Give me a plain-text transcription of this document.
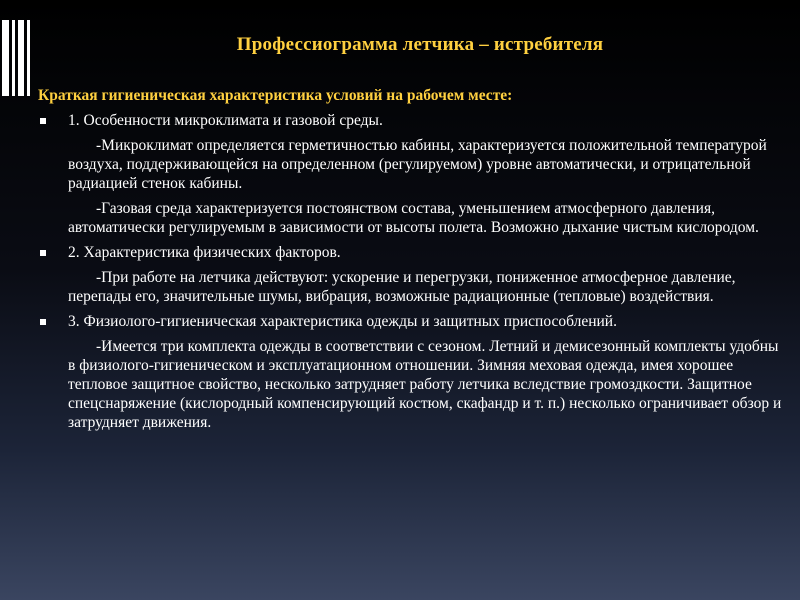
Профессиограмма летчика – истребителя
Краткая гигиеническая характеристика условий на рабочем месте:
1. Особенности микроклимата и газовой среды.
-Микроклимат определяется герметичностью кабины, характеризуется положительной температурой воздуха, поддерживающейся на определенном (регулируемом) уровне автоматически, и отрицательной радиацией стенок кабины.
-Газовая среда характеризуется постоянством состава, уменьшением атмосферного давления, автоматически регулируемым в зависимости от высоты полета. Возможно дыхание чистым кислородом.
2. Характеристика физических факторов.
-При работе на летчика действуют: ускорение и перегрузки, пониженное атмосферное давление, перепады его, значительные шумы, вибрация, возможные радиационные (тепловые) воздействия.
3. Физиолого-гигиеническая характеристика одежды и защитных приспособлений.
-Имеется три комплекта одежды в соответствии с сезоном. Летний и демисезонный комплекты удобны в физиолого-гигиеническом и эксплуатационном отношении. Зимняя меховая одежда, имея хорошее тепловое защитное свойство, несколько затрудняет работу летчика вследствие громоздкости. Защитное спецснаряжение (кислородный компенсирующий костюм, скафандр и т. п.) несколько ограничивает обзор и затрудняет движения.
